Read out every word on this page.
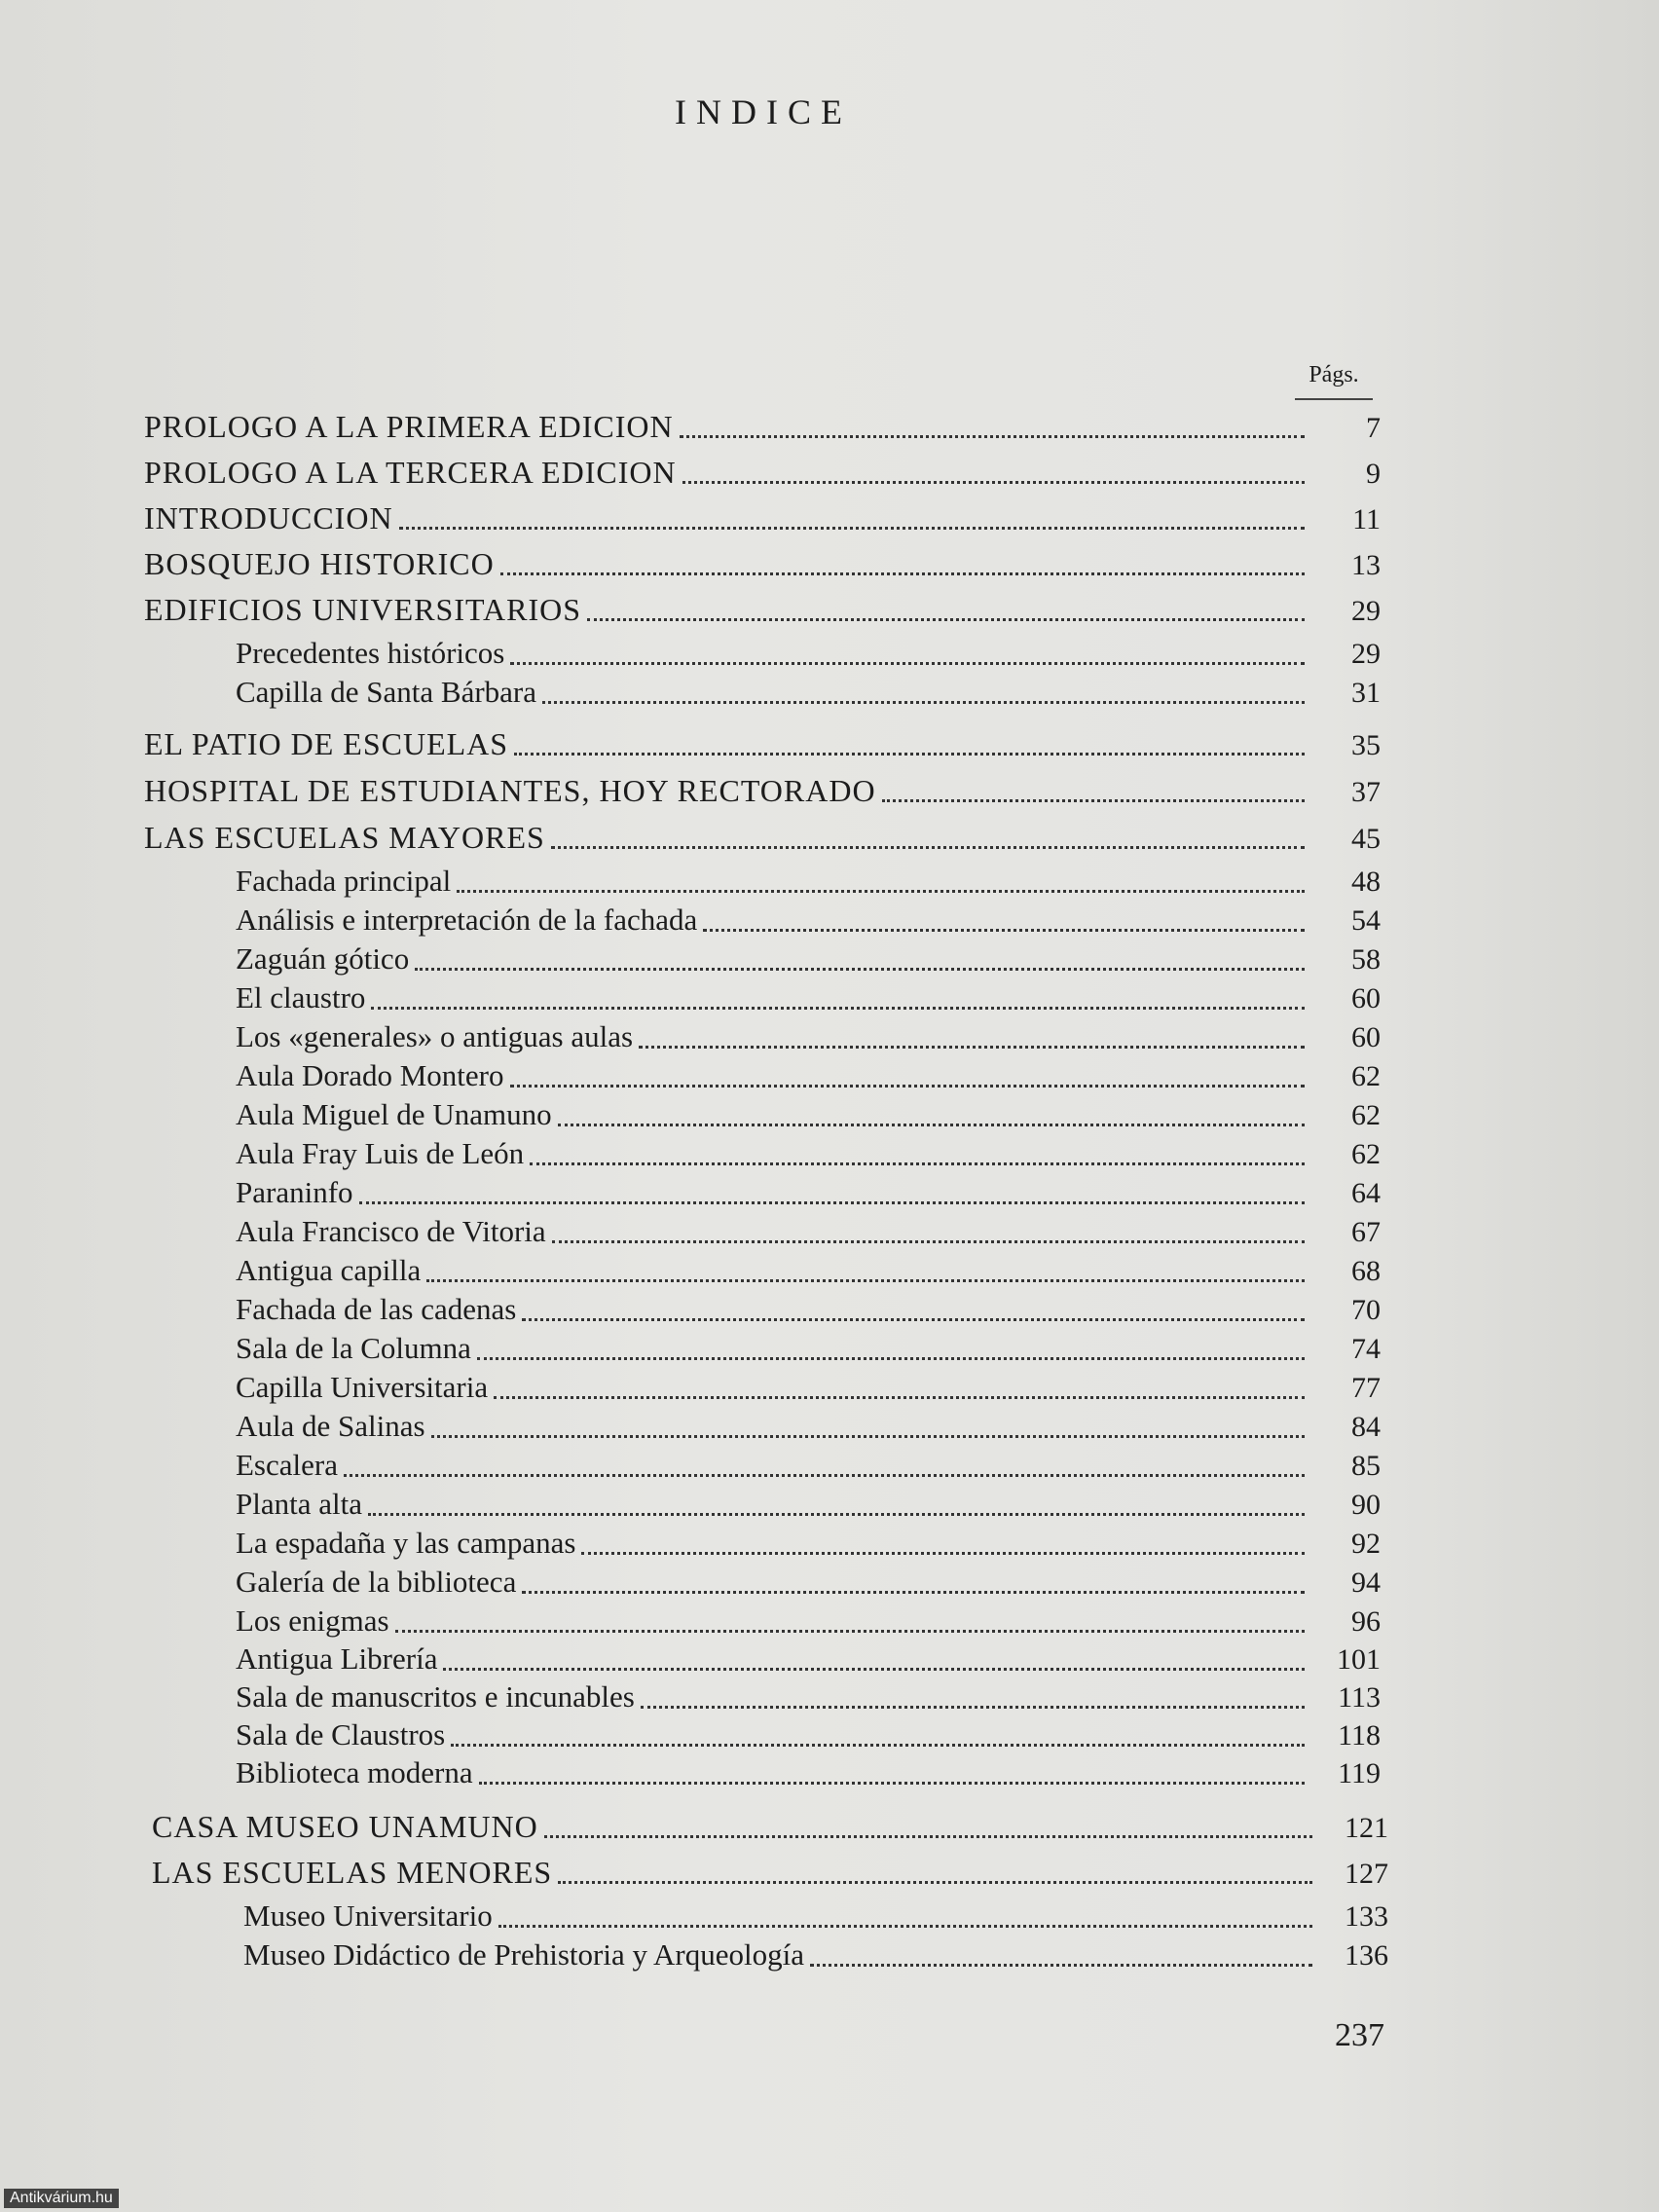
INDICE
Págs.
PROLOGO A LA PRIMERA EDICION	7
PROLOGO A LA TERCERA EDICION	9
INTRODUCCION	11
BOSQUEJO HISTORICO	13
EDIFICIOS UNIVERSITARIOS	29
Precedentes históricos	29
Capilla de Santa Bárbara	31
EL PATIO DE ESCUELAS	35
HOSPITAL DE ESTUDIANTES, HOY RECTORADO	37
LAS ESCUELAS MAYORES	45
Fachada principal	48
Análisis e interpretación de la fachada	54
Zaguán gótico	58
El claustro	60
Los «generales» o antiguas aulas	60
Aula Dorado Montero	62
Aula Miguel de Unamuno	62
Aula Fray Luis de León	62
Paraninfo	64
Aula Francisco de Vitoria	67
Antigua capilla	68
Fachada de las cadenas	70
Sala de la Columna	74
Capilla Universitaria	77
Aula de Salinas	84
Escalera	85
Planta alta	90
La espadaña y las campanas	92
Galería de la biblioteca	94
Los enigmas	96
Antigua Librería	101
Sala de manuscritos e incunables	113
Sala de Claustros	118
Biblioteca moderna	119
CASA MUSEO UNAMUNO	121
LAS ESCUELAS MENORES	127
Museo Universitario	133
Museo Didáctico de Prehistoria y Arqueología	136
237
Antikvárium.hu
